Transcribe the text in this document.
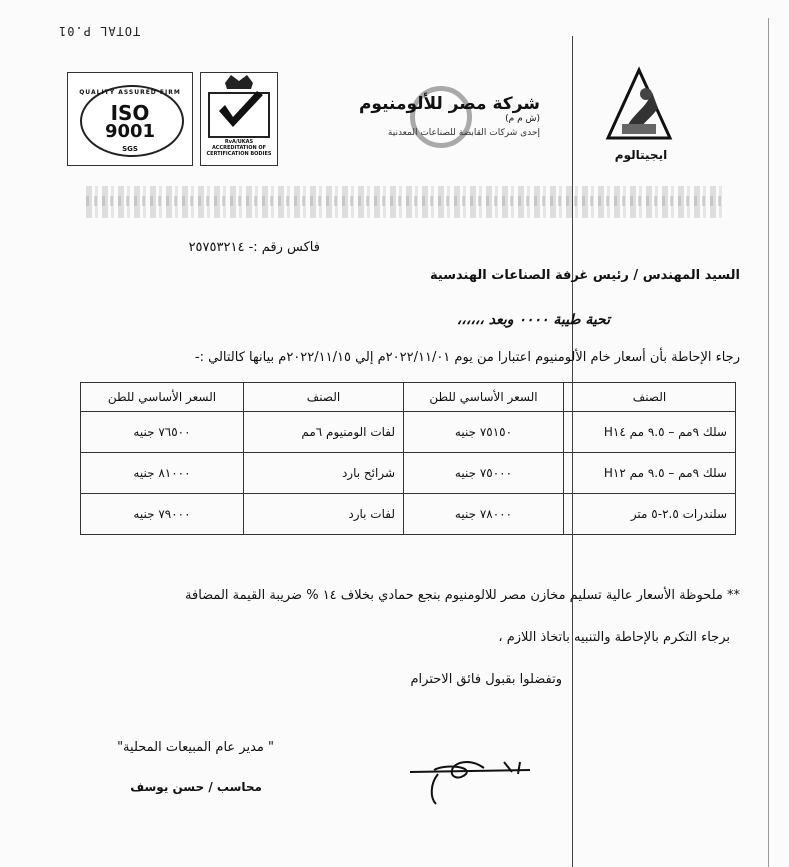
TOTAL P.01
QUALITY ASSURED FIRM
ISO
9001
SGS
RvA/UKAS ACCREDITATION OF CERTIFICATION BODIES
شركة مصر للألومنيوم
(ش م م)
إحدى شركات القابضة للصناعات المعدنية
ايجيتالوم
فاكس رقم :- ٢٥٧٥٣٢١٤
السيد المهندس / رئيس غرفة الصناعات الهندسية
تحية طيبة ٠٠٠٠ وبعد ،،،،،،
رجاء الإحاطة بأن أسعار خام الألومنيوم اعتبارا من يوم ٢٠٢٢/١١/٠١م إلي ٢٠٢٢/١١/١٥م بيانها كالتالي :-
الصنف	السعر الأساسي للطن	الصنف	السعر الأساسي للطن
سلك ٩مم – ٩.٥ مم H١٤	٧٥١٥٠ جنيه	لفات الومنيوم ٦مم	٧٦٥٠٠ جنيه
سلك ٩مم – ٩.٥ مم H١٢	٧٥٠٠٠ جنيه	شرائح بارد	٨١٠٠٠ جنيه
سلندرات ٢.٥-٥ متر	٧٨٠٠٠ جنيه	لفات بارد	٧٩٠٠٠ جنيه
** ملحوظة الأسعار عالية تسليم مخازن مصر للالومنيوم بنجع حمادي بخلاف ١٤ % ضريبة القيمة المضافة
برجاء التكرم بالإحاطة والتنبيه باتخاذ اللازم ،
وتفضلوا بقبول فائق الاحترام
" مدير عام المبيعات المحلية"
محاسب / حسن يوسف
